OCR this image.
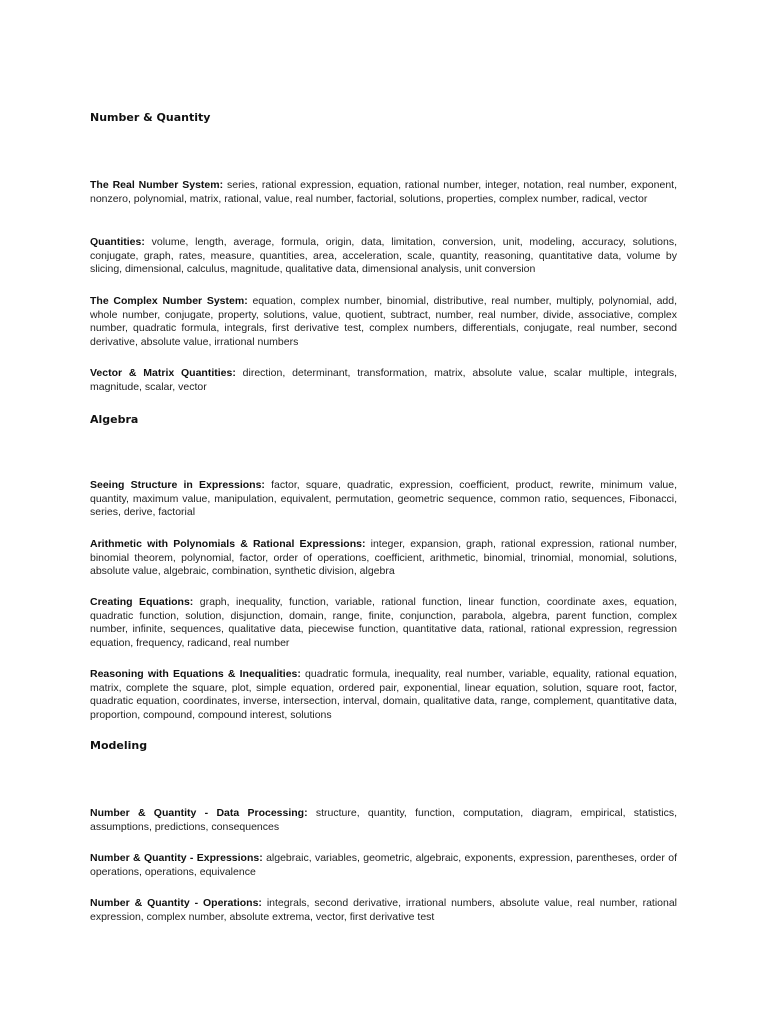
Number & Quantity

The Real Number System: series, rational expression, equation, rational number, integer, notation, real number, exponent, nonzero, polynomial, matrix, rational, value, real number, factorial, solutions, properties, complex number, radical, vector

Quantities: volume, length, average, formula, origin, data, limitation, conversion, unit, modeling, accuracy, solutions, conjugate, graph, rates, measure, quantities, area, acceleration, scale, quantity, reasoning, quantitative data, volume by slicing, dimensional, calculus, magnitude, qualitative data, dimensional analysis, unit conversion

The Complex Number System: equation, complex number, binomial, distributive, real number, multiply, polynomial, add, whole number, conjugate, property, solutions, value, quotient, subtract, number, real number, divide, associative, complex number, quadratic formula, integrals, first derivative test, complex numbers, differentials, conjugate, real number, second derivative, absolute value, irrational numbers

Vector & Matrix Quantities: direction, determinant, transformation, matrix, absolute value, scalar multiple, integrals, magnitude, scalar, vector

Algebra

Seeing Structure in Expressions: factor, square, quadratic, expression, coefficient, product, rewrite, minimum value, quantity, maximum value, manipulation, equivalent, permutation, geometric sequence, common ratio, sequences, Fibonacci, series, derive, factorial

Arithmetic with Polynomials & Rational Expressions: integer, expansion, graph, rational expression, rational number, binomial theorem, polynomial, factor, order of operations, coefficient, arithmetic, binomial, trinomial, monomial, solutions, absolute value, algebraic, combination, synthetic division, algebra

Creating Equations: graph, inequality, function, variable, rational function, linear function, coordinate axes, equation, quadratic function, solution, disjunction, domain, range, finite, conjunction, parabola, algebra, parent function, complex number, infinite, sequences, qualitative data, piecewise function, quantitative data, rational, rational expression, regression equation, frequency, radicand, real number

Reasoning with Equations & Inequalities: quadratic formula, inequality, real number, variable, equality, rational equation, matrix, complete the square, plot, simple equation, ordered pair, exponential, linear equation, solution, square root, factor, quadratic equation, coordinates, inverse, intersection, interval, domain, qualitative data, range, complement, quantitative data, proportion, compound, compound interest, solutions

Modeling

Number & Quantity - Data Processing: structure, quantity, function, computation, diagram, empirical, statistics, assumptions, predictions, consequences

Number & Quantity - Expressions: algebraic, variables, geometric, algebraic, exponents, expression, parentheses, order of operations, operations, equivalence

Number & Quantity - Operations: integrals, second derivative, irrational numbers, absolute value, real number, rational expression, complex number, absolute extrema, vector, first derivative test
